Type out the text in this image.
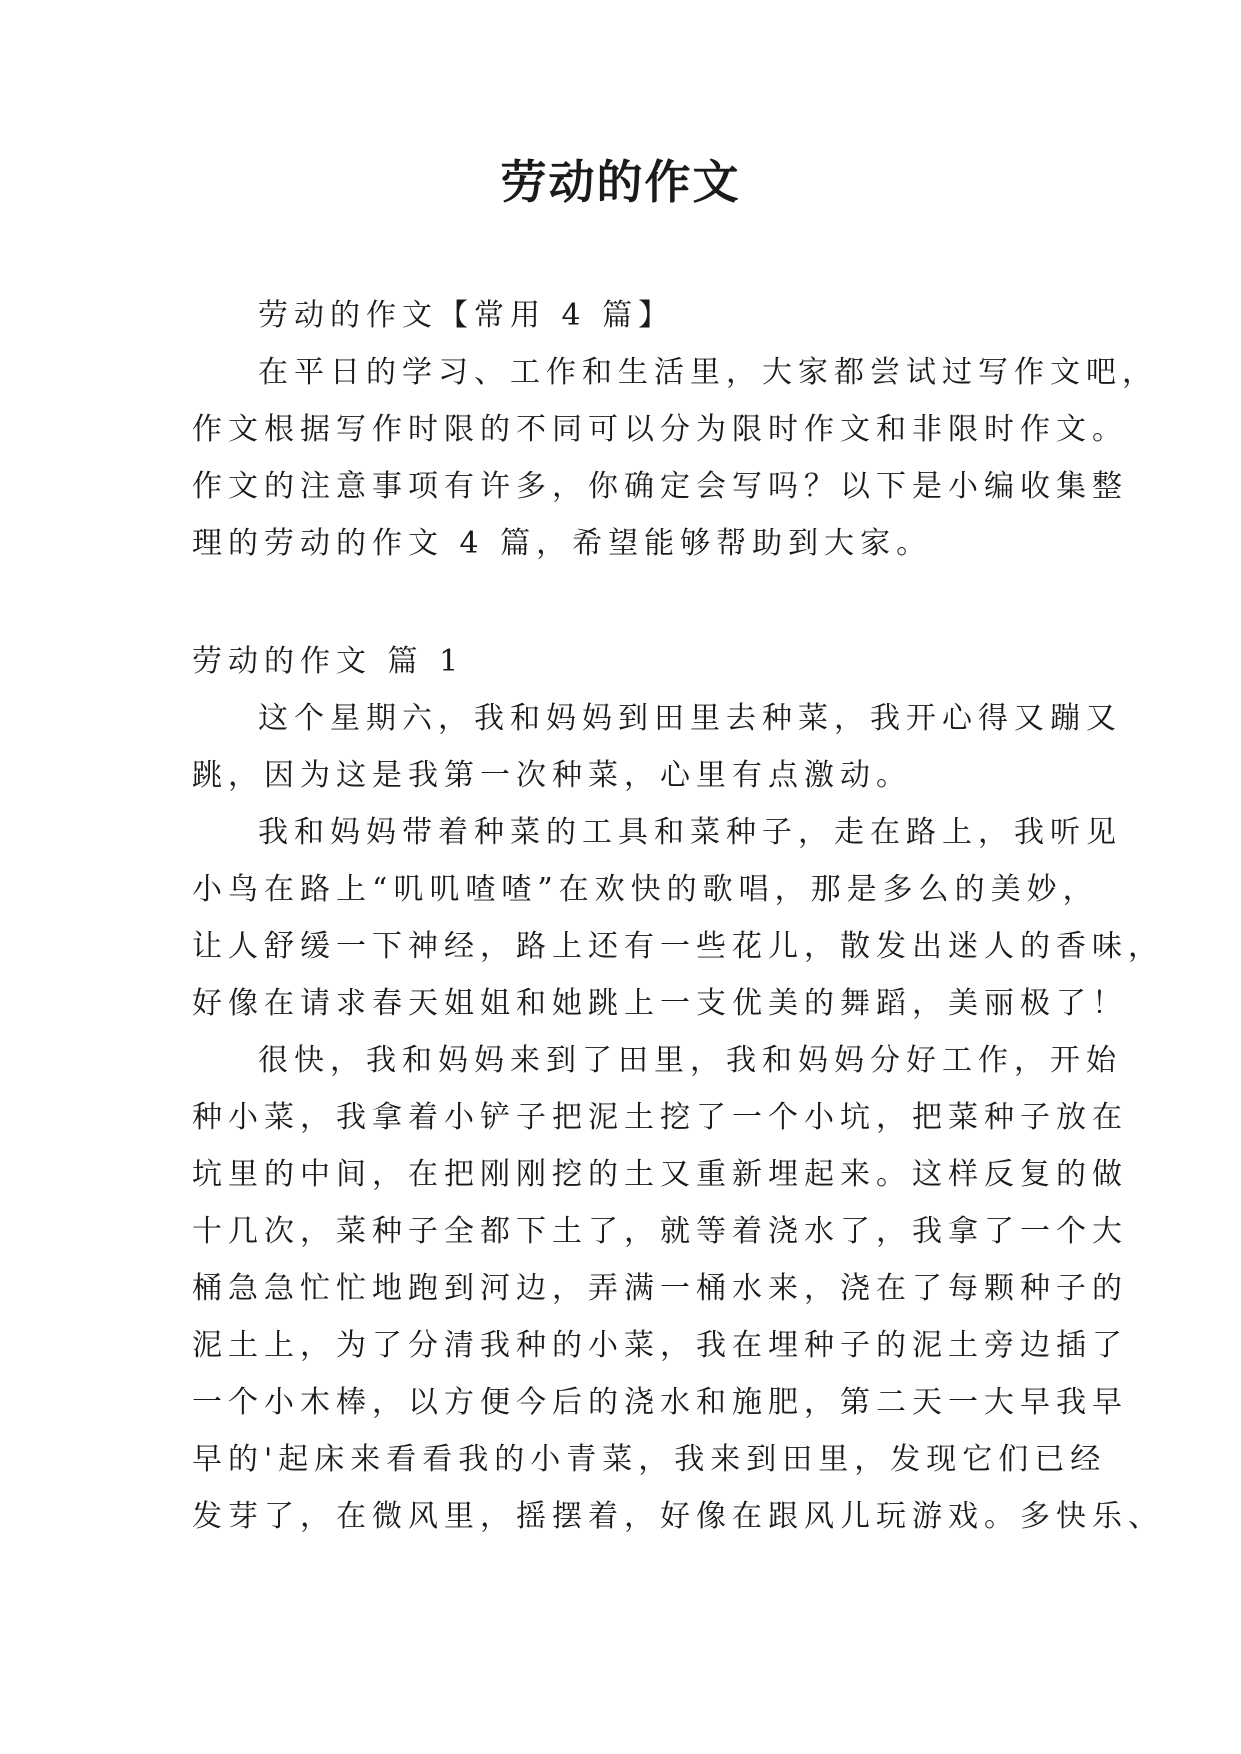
劳动的作文
劳动的作文【常用 4 篇】
在平日的学习、工作和生活里，大家都尝试过写作文吧，
作文根据写作时限的不同可以分为限时作文和非限时作文。
作文的注意事项有许多，你确定会写吗？以下是小编收集整
理的劳动的作文 4 篇，希望能够帮助到大家。
劳动的作文 篇 1
这个星期六，我和妈妈到田里去种菜，我开心得又蹦又
跳，因为这是我第一次种菜，心里有点激动。
我和妈妈带着种菜的工具和菜种子，走在路上，我听见
小鸟在路上“叽叽喳喳”在欢快的歌唱，那是多么的美妙，
让人舒缓一下神经，路上还有一些花儿，散发出迷人的香味，
好像在请求春天姐姐和她跳上一支优美的舞蹈，美丽极了！
很快，我和妈妈来到了田里，我和妈妈分好工作，开始
种小菜，我拿着小铲子把泥土挖了一个小坑，把菜种子放在
坑里的中间，在把刚刚挖的土又重新埋起来。这样反复的做
十几次，菜种子全都下土了，就等着浇水了，我拿了一个大
桶急急忙忙地跑到河边，弄满一桶水来，浇在了每颗种子的
泥土上，为了分清我种的小菜，我在埋种子的泥土旁边插了
一个小木棒，以方便今后的浇水和施肥，第二天一大早我早
早的'起床来看看我的小青菜，我来到田里，发现它们已经
发芽了，在微风里，摇摆着，好像在跟风儿玩游戏。多快乐、
